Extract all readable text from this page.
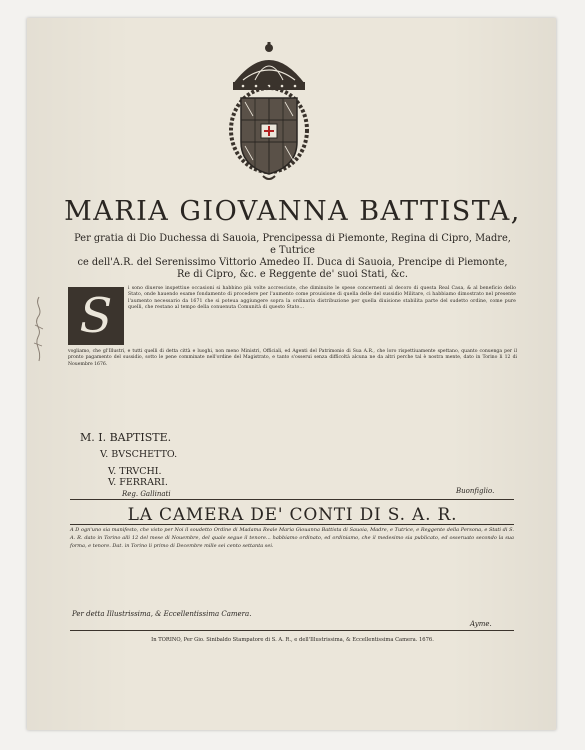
MARIA GIOVANNA BATTISTA,
Per gratia di Dio Duchessa di Sauoia, Prencipessa di Piemonte, Regina di Cipro, Madre, e Tutrice
ce dell'A.R. del Serenissimo Vittorio Amedeo II. Duca di Sauoia, Prencipe di Piemonte,
Re di Cipro, &c. e Reggente de' suoi Stati, &c.
S	i sono diuerse inspettiue occasioni si habbino più volte accresciute, che diminuite le spese concernenti al decoro di questa Real Casa, & al beneficio dello Stato, onde hauendo esame fondamento di procedere per l'aumento come prouisione di quella delle del sussidio Militare, ci habbiamo dimostrato nel presente l'aumento necessario da 1671 che si poteua aggiungere sopra la ordinaria distribuzione per quella diuisione stabilita parte del sudetto ordine, come pure quelli, che restano al tempo della conuenuta Comunità di questo Stato...
vogliamo, che gl'Illustri, e tutti quelli di detta città e luoghi, non meno Ministri, Officiali, ed Agenti del Patrimonio di Sua A.R., che loro rispettiuamente spettano, quanto conuenga per il pronto pagamento del sussidio, sotto le pene comminate nell'ordine del Magistrato, e tanto s'osserui senza difficoltà alcuna ne da altri perche tal è nostra mente, dato in Torino li 12 di Nouembre 1676.
M. I. BAPTISTE.
V. BVSCHETTO.
V. TRVCHI.
V. FERRARI.
Reg. Gallinati	Buonfiglio.
LA CAMERA DE' CONTI DI S. A. R.
A D ogn'uno sia manifesto, che visto per Noi il soudetto Ordine di Madama Reale Maria Giouanna Battista di Sauoia, Madre, e Tutrice, e Reggente della Persona, e Stati di S. A. R. dato in Torino alli 12 del mese di Nouembre, del quale segue il tenore... habbiamo ordinato, ed ordiniamo, che il medesimo sia publicato, ed osseruato secondo la sua forma, e tenore. Dat. in Torino li primo di Decembre mille sei cento settanta sei.
Per detta Illustrissima, & Eccellentissima Camera.
Ayme.
In TORINO, Per Gio. Sinibaldo Stampatore di S. A. R., e dell'Illustrissima, & Eccellentissima Camera. 1676.
